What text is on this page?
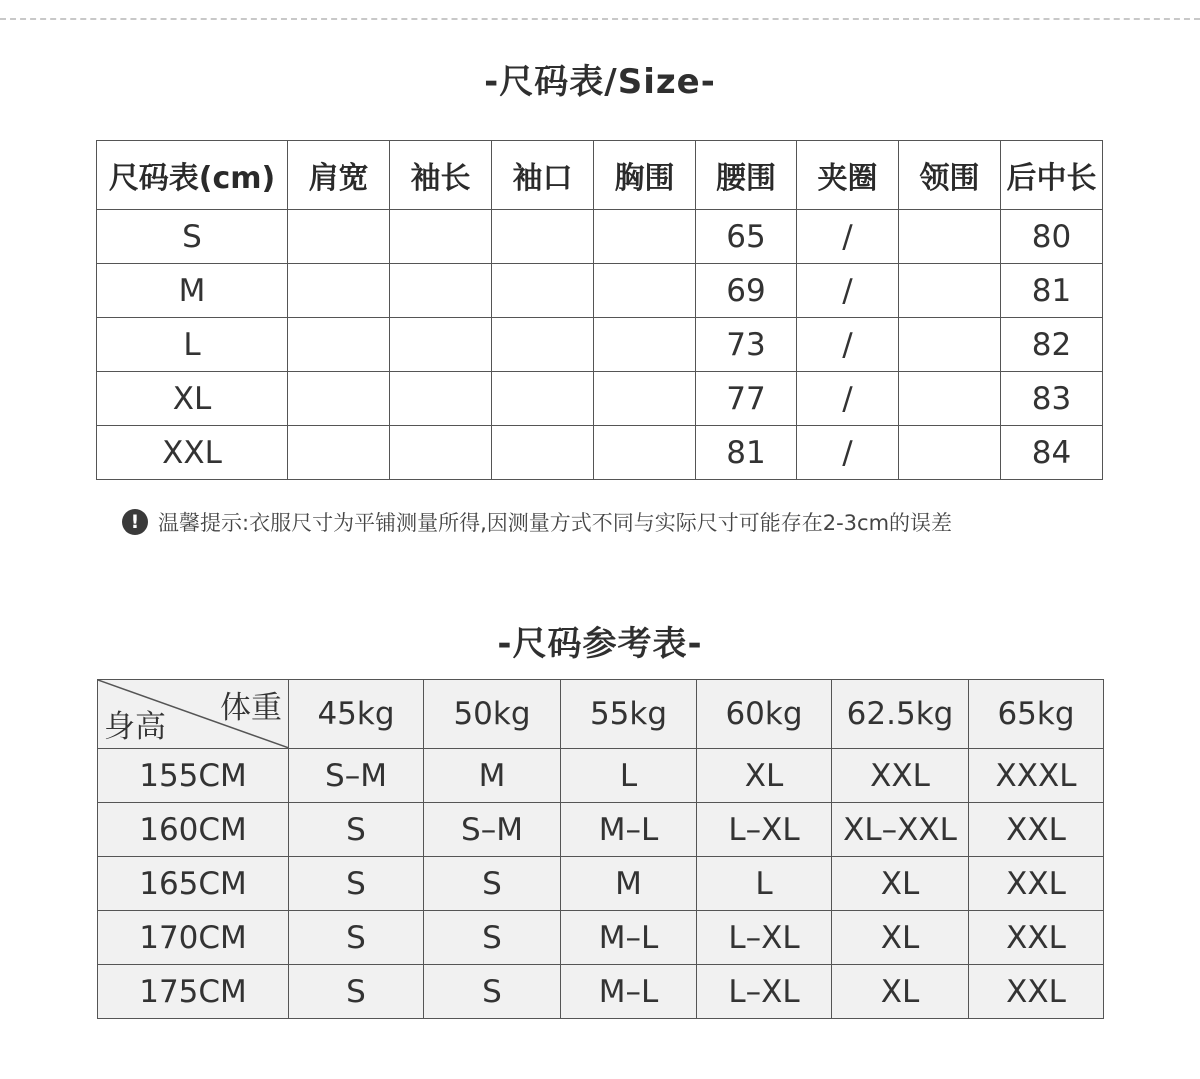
-尺码表/Size-
尺码表(cm)	肩宽	袖长	袖口	胸围	腰围	夹圈	领围	后中长
S					65	/		80
M					69	/		81
L					73	/		82
XL					77	/		83
XXL					81	/		84
! 温馨提示:衣服尺寸为平铺测量所得,因测量方式不同与实际尺寸可能存在2-3cm的误差
-尺码参考表-
体重
身高	45kg	50kg	55kg	60kg	62.5kg	65kg
155CM	S–M	M	L	XL	XXL	XXXL
160CM	S	S–M	M–L	L–XL	XL–XXL	XXL
165CM	S	S	M	L	XL	XXL
170CM	S	S	M–L	L–XL	XL	XXL
175CM	S	S	M–L	L–XL	XL	XXL
